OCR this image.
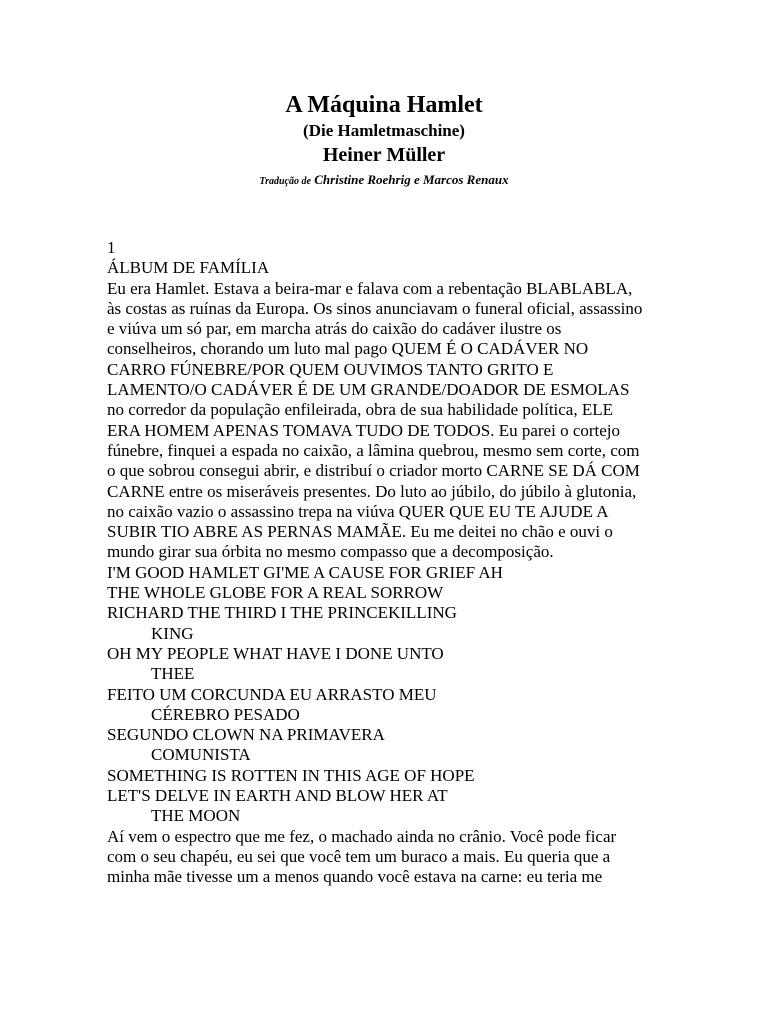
A Máquina Hamlet
(Die Hamletmaschine)
Heiner Müller
Tradução de Christine Roehrig e Marcos Renaux
1
ÁLBUM DE FAMÍLIA
Eu era Hamlet. Estava a beira-mar e falava com a rebentação BLABLABLA,
às costas as ruínas da Europa. Os sinos anunciavam o funeral oficial, assassino
e viúva um só par, em marcha atrás do caixão do cadáver ilustre os
conselheiros, chorando um luto mal pago QUEM É O CADÁVER NO
CARRO FÚNEBRE/POR QUEM OUVIMOS TANTO GRITO E
LAMENTO/O CADÁVER É DE UM GRANDE/DOADOR DE ESMOLAS
no corredor da população enfileirada, obra de sua habilidade política, ELE
ERA HOMEM APENAS TOMAVA TUDO DE TODOS. Eu parei o cortejo
fúnebre, finquei a espada no caixão, a lâmina quebrou, mesmo sem corte, com
o que sobrou consegui abrir, e distribuí o criador morto CARNE SE DÁ COM
CARNE entre os miseráveis presentes. Do luto ao júbilo, do júbilo à glutonia,
no caixão vazio o assassino trepa na viúva QUER QUE EU TE AJUDE A
SUBIR TIO ABRE AS PERNAS MAMÃE. Eu me deitei no chão e ouvi o
mundo girar sua órbita no mesmo compasso que a decomposição.
I'M GOOD HAMLET GI'ME A CAUSE FOR GRIEF AH
THE WHOLE GLOBE FOR A REAL SORROW
RICHARD THE THIRD I THE PRINCEKILLING
KING
OH MY PEOPLE WHAT HAVE I DONE UNTO
THEE
FEITO UM CORCUNDA EU ARRASTO MEU
CÉREBRO PESADO
SEGUNDO CLOWN NA PRIMAVERA
COMUNISTA
SOMETHING IS ROTTEN IN THIS AGE OF HOPE
LET'S DELVE IN EARTH AND BLOW HER AT
THE MOON
Aí vem o espectro que me fez, o machado ainda no crânio. Você pode ficar
com o seu chapéu, eu sei que você tem um buraco a mais. Eu queria que a
minha mãe tivesse um a menos quando você estava na carne: eu teria me
